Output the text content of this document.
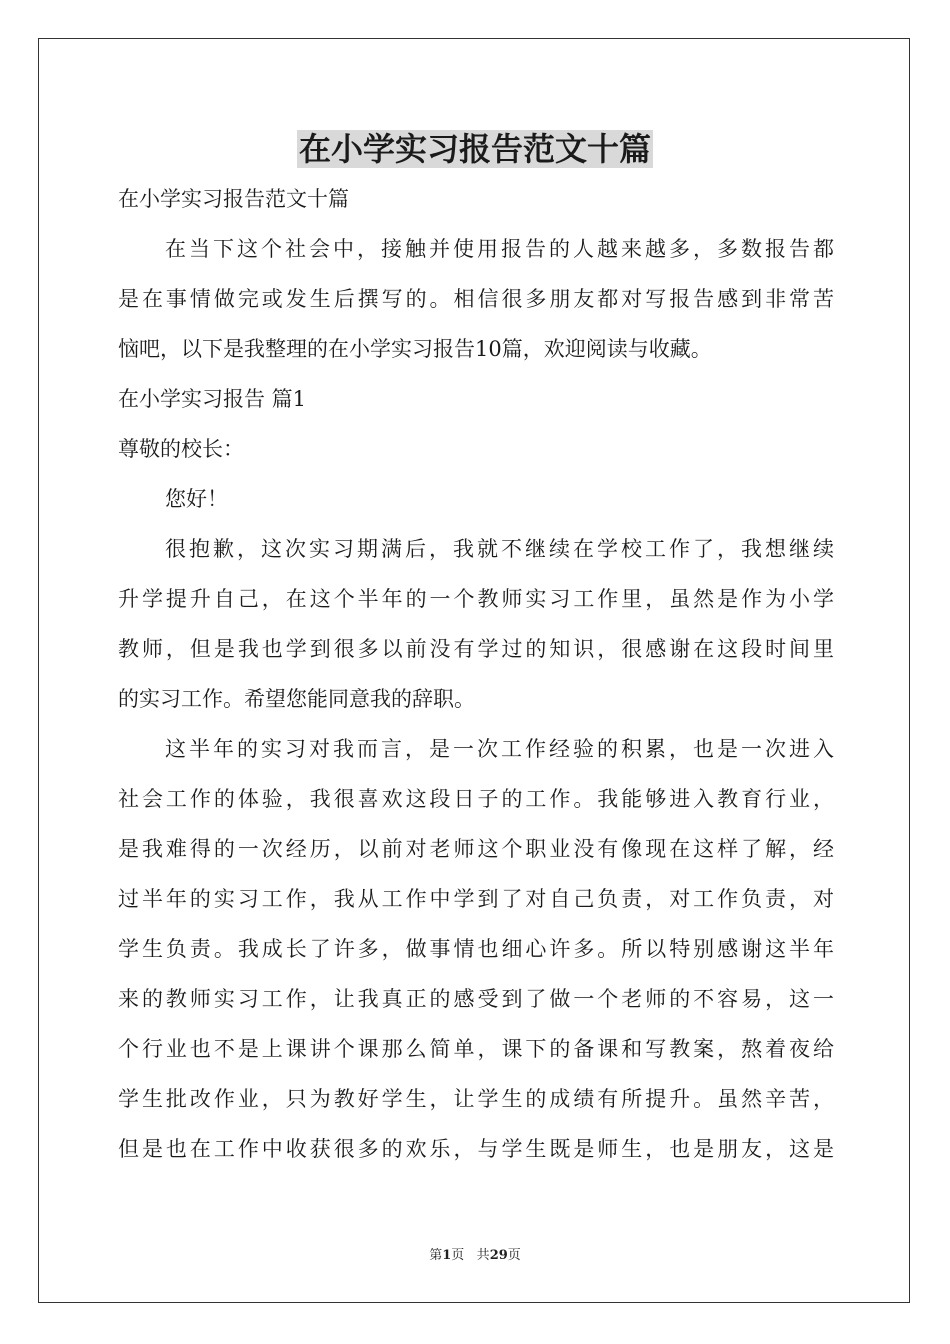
在小学实习报告范文十篇
在小学实习报告范文十篇
在当下这个社会中，接触并使用报告的人越来越多，多数报告都
是在事情做完或发生后撰写的。相信很多朋友都对写报告感到非常苦
恼吧，以下是我整理的在小学实习报告10篇，欢迎阅读与收藏。
在小学实习报告 篇1
尊敬的校长：
您好！
很抱歉，这次实习期满后，我就不继续在学校工作了，我想继续
升学提升自己，在这个半年的一个教师实习工作里，虽然是作为小学
教师，但是我也学到很多以前没有学过的知识，很感谢在这段时间里
的实习工作。希望您能同意我的辞职。
这半年的实习对我而言，是一次工作经验的积累，也是一次进入
社会工作的体验，我很喜欢这段日子的工作。我能够进入教育行业，
是我难得的一次经历，以前对老师这个职业没有像现在这样了解，经
过半年的实习工作，我从工作中学到了对自己负责，对工作负责，对
学生负责。我成长了许多，做事情也细心许多。所以特别感谢这半年
来的教师实习工作，让我真正的感受到了做一个老师的不容易，这一
个行业也不是上课讲个课那么简单，课下的备课和写教案，熬着夜给
学生批改作业，只为教好学生，让学生的成绩有所提升。虽然辛苦，
但是也在工作中收获很多的欢乐，与学生既是师生，也是朋友，这是
第1页 共29页
